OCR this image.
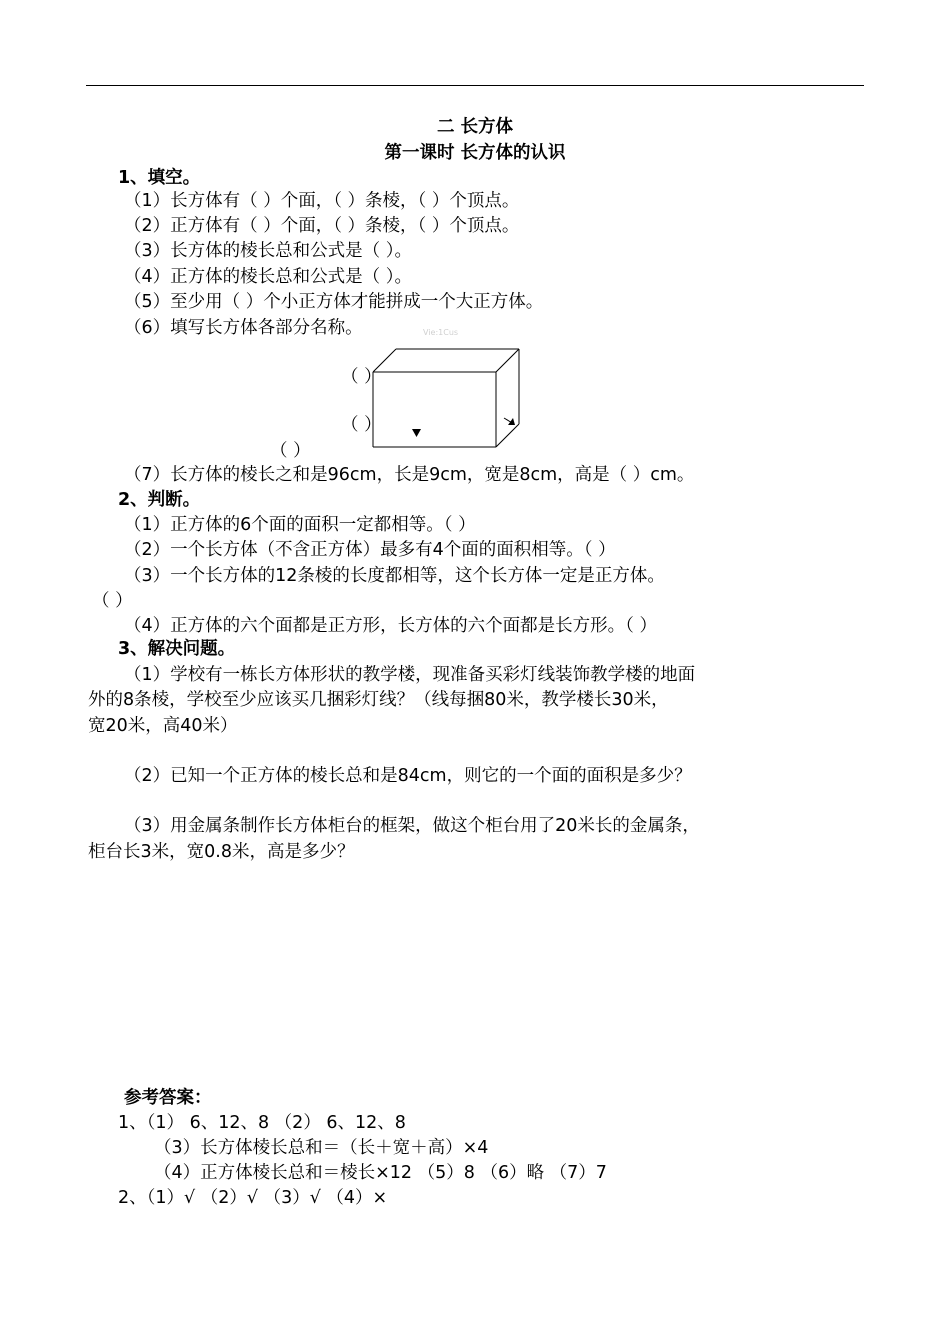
二 长方体
第一课时 长方体的认识
1、填空。
（1）长方体有（ ）个面，（ ）条棱，（ ）个顶点。
（2）正方体有（ ）个面，（ ）条棱，（ ）个顶点。
（3）长方体的棱长总和公式是（ ）。
（4）正方体的棱长总和公式是（ ）。
（5）至少用（ ）个小正方体才能拼成一个大正方体。
（6）填写长方体各部分名称。	Vie:1Cus
（ ）
（ ）
（ ）
（7）长方体的棱长之和是96cm，长是9cm，宽是8cm，高是（ ）cm。
2、判断。
（1）正方体的6个面的面积一定都相等。（ ）
（2）一个长方体（不含正方体）最多有4个面的面积相等。（ ）
（3）一个长方体的12条棱的长度都相等，这个长方体一定是正方体。
（ ）
（4）正方体的六个面都是正方形，长方体的六个面都是长方形。（ ）
3、解决问题。
（1）学校有一栋长方体形状的教学楼，现准备买彩灯线装饰教学楼的地面
外的8条棱，学校至少应该买几捆彩灯线？（线每捆80米，教学楼长30米，
宽20米，高40米）
（2）已知一个正方体的棱长总和是84cm，则它的一个面的面积是多少？
（3）用金属条制作长方体柜台的框架，做这个柜台用了20米长的金属条，
柜台长3米，宽0.8米，高是多少？
参考答案：
1、（1） 6、12、8 （2） 6、12、8
（3）长方体棱长总和＝（长＋宽＋高）×4
（4）正方体棱长总和＝棱长×12 （5）8 （6）略 （7）7
2、（1）√ （2）√ （3）√ （4）×
